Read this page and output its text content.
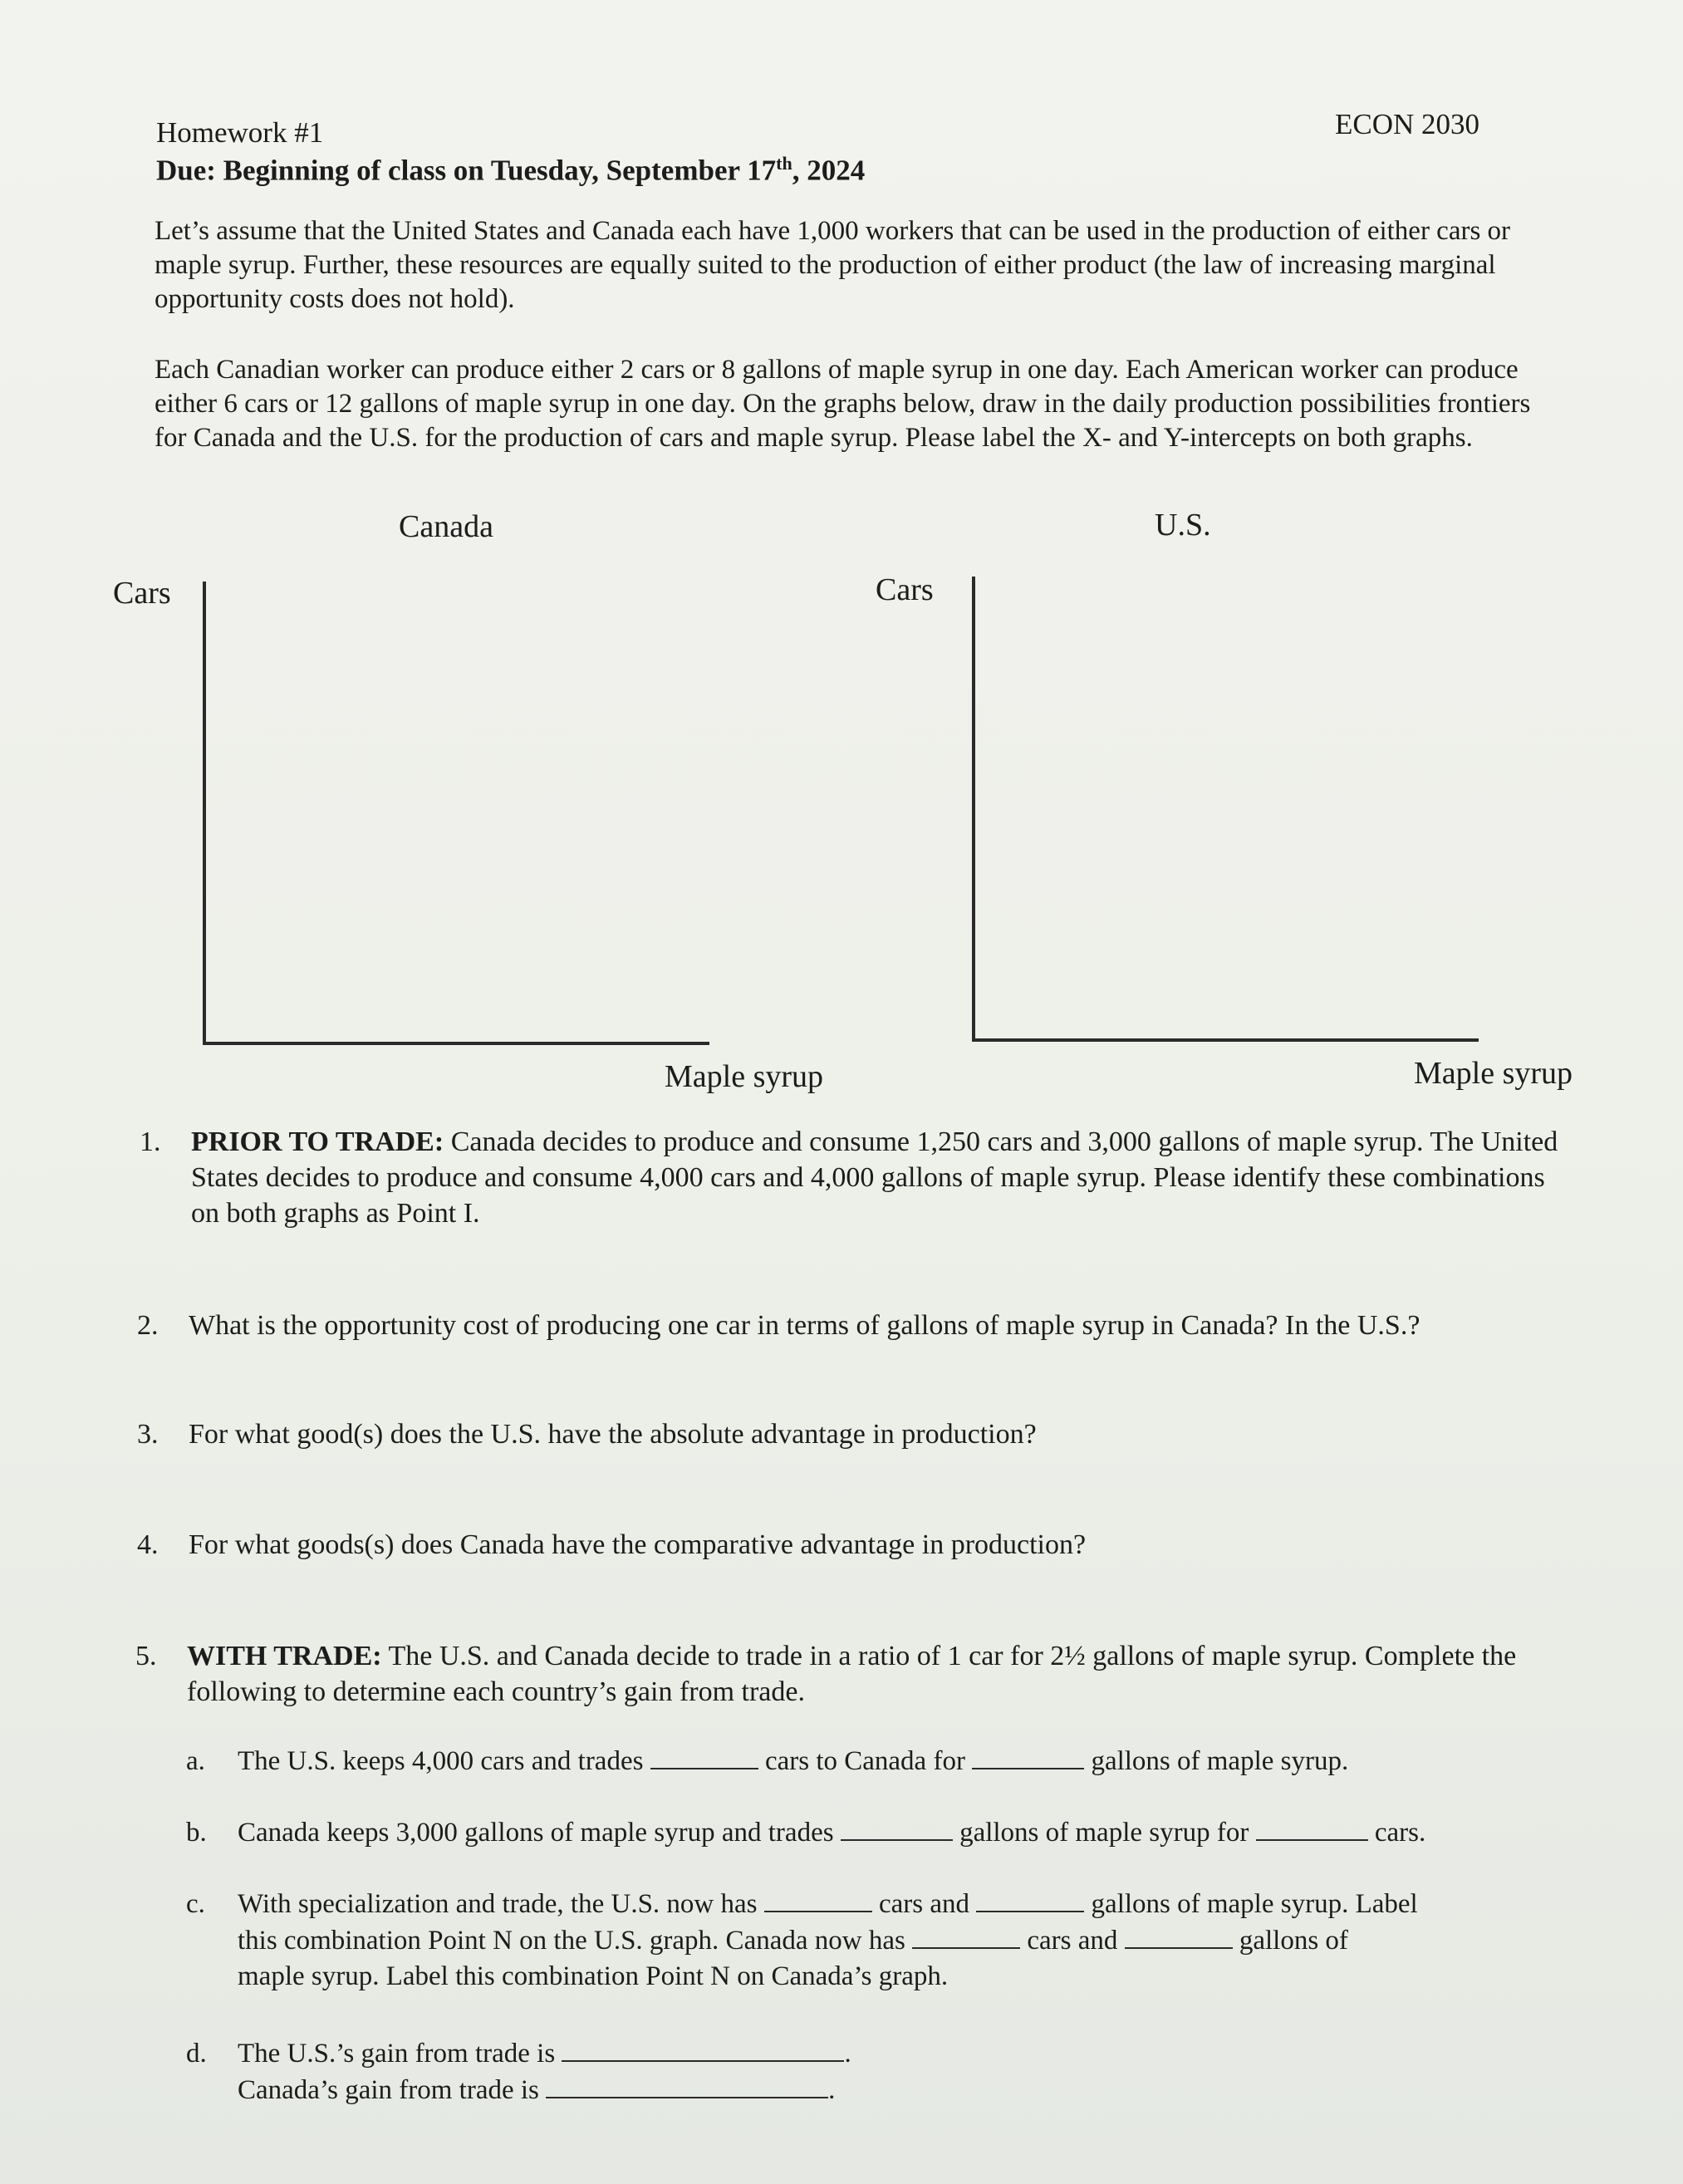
Homework #1	ECON 2030
Due: Beginning of class on Tuesday, September 17th, 2024

Let’s assume that the United States and Canada each have 1,000 workers that can be used in the production of either cars or maple syrup. Further, these resources are equally suited to the production of either product (the law of increasing marginal opportunity costs does not hold).

Each Canadian worker can produce either 2 cars or 8 gallons of maple syrup in one day. Each American worker can produce either 6 cars or 12 gallons of maple syrup in one day. On the graphs below, draw in the daily production possibilities frontiers for Canada and the U.S. for the production of cars and maple syrup. Please label the X- and Y-intercepts on both graphs.

Canada
Cars
Maple syrup
U.S.
Cars
Maple syrup
1.	PRIOR TO TRADE: Canada decides to produce and consume 1,250 cars and 3,000 gallons of maple syrup. The United States decides to produce and consume 4,000 cars and 4,000 gallons of maple syrup. Please identify these combinations on both graphs as Point I.
2.	What is the opportunity cost of producing one car in terms of gallons of maple syrup in Canada? In the U.S.?
3.	For what good(s) does the U.S. have the absolute advantage in production?
4.	For what goods(s) does Canada have the comparative advantage in production?
5.	WITH TRADE: The U.S. and Canada decide to trade in a ratio of 1 car for 2½ gallons of maple syrup. Complete the following to determine each country’s gain from trade.
a. The U.S. keeps 4,000 cars and trades	cars to Canada for	gallons of maple syrup.
b. Canada keeps 3,000 gallons of maple syrup and trades	gallons of maple syrup for	cars.
c. With specialization and trade, the U.S. now has	cars and	gallons of maple syrup. Label
this combination Point N on the U.S. graph. Canada now has	cars and	gallons of
maple syrup. Label this combination Point N on Canada’s graph.
d. The U.S.’s gain from trade is	.
Canada’s gain from trade is	.
